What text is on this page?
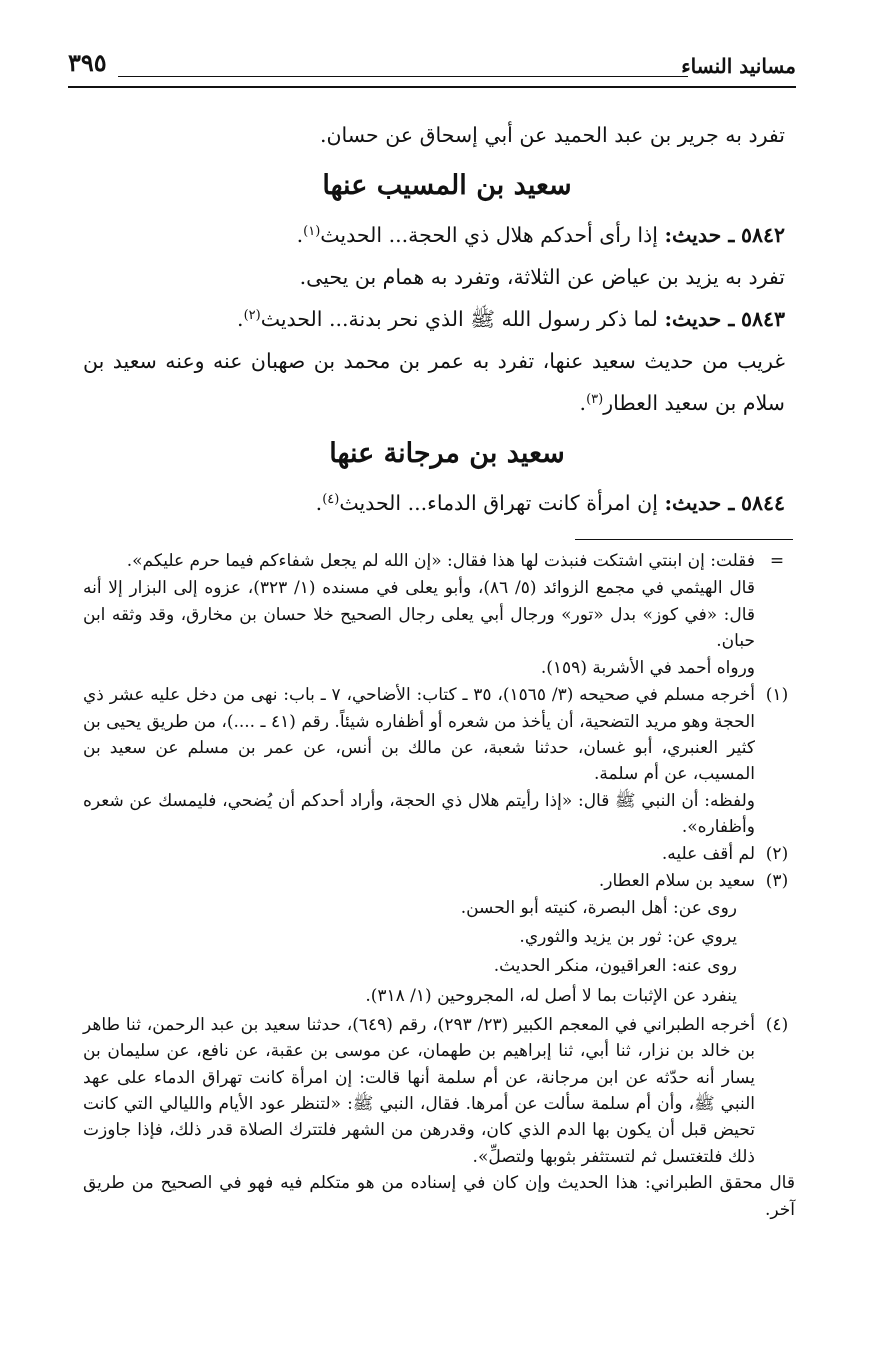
مسانيد النساء
٣٩٥

تفرد به جرير بن عبد الحميد عن أبي إسحاق عن حسان.

سعيد بن المسيب عنها

٥٨٤٢ ـ حديث: إذا رأى أحدكم هلال ذي الحجة... الحديث$^{(١)}$.

تفرد به يزيد بن عياض عن الثلاثة، وتفرد به همام بن يحيى.

٥٨٤٣ ـ حديث: لما ذكر رسول الله ﷺ الذي نحر بدنة... الحديث$^{(٢)}$.

غريب من حديث سعيد عنها، تفرد به عمر بن محمد بن صهبان عنه وعنه سعيد بن سلام بن سعيد العطار$^{(٣)}$.

سعيد بن مرجانة عنها

٥٨٤٤ ـ حديث: إن امرأة كانت تهراق الدماء... الحديث$^{(٤)}$.

=

فقلت: إن ابنتي اشتكت فنبذت لها هذا فقال: «إن الله لم يجعل شفاءكم فيما حرم عليكم».

قال الهيثمي في مجمع الزوائد (٥/ ٨٦)، وأبو يعلى في مسنده (١/ ٣٢٣)، عزوه إلى البزار إلا أنه قال: «في كوز» بدل «تور» ورجال أبي يعلى رجال الصحيح خلا حسان بن مخارق، وقد وثقه ابن حبان.

ورواه أحمد في الأشربة (١٥٩).

(١)

أخرجه مسلم في صحيحه (٣/ ١٥٦٥)، ٣٥ ـ كتاب: الأضاحي، ٧ ـ باب: نهى من دخل عليه عشر ذي الحجة وهو مريد التضحية، أن يأخذ من شعره أو أظفاره شيئاً. رقم (٤١ ـ ....)، من طريق يحيى بن كثير العنبري، أبو غسان، حدثنا شعبة، عن مالك بن أنس، عن عمر بن مسلم عن سعيد بن المسيب، عن أم سلمة.

ولفظه: أن النبي ﷺ قال: «إذا رأيتم هلال ذي الحجة، وأراد أحدكم أن يُضحي، فليمسك عن شعره وأظفاره».

(٢)

لم أقف عليه.

(٣)

سعيد بن سلام العطار.

روى عن: أهل البصرة، كنيته أبو الحسن.

يروي عن: ثور بن يزيد والثوري.

روى عنه: العراقيون، منكر الحديث.

ينفرد عن الإثبات بما لا أصل له، المجروحين (١/ ٣١٨).

(٤)

أخرجه الطبراني في المعجم الكبير (٢٣/ ٢٩٣)، رقم (٦٤٩)، حدثنا سعيد بن عبد الرحمن، ثنا طاهر بن خالد بن نزار، ثنا أبي، ثنا إبراهيم بن طهمان، عن موسى بن عقبة، عن نافع، عن سليمان بن يسار أنه حدّثه عن ابن مرجانة، عن أم سلمة أنها قالت: إن امرأة كانت تهراق الدماء على عهد النبي ﷺ، وأن أم سلمة سألت عن أمرها. فقال، النبي ﷺ: «لتنظر عود الأيام والليالي التي كانت تحيض قبل أن يكون بها الدم الذي كان، وقدرهن من الشهر فلتترك الصلاة قدر ذلك، فإذا جاوزت ذلك فلتغتسل ثم لتستثفر بثوبها ولتصلِّ».

قال محقق الطبراني: هذا الحديث وإن كان في إسناده من هو متكلم فيه فهو في الصحيح من طريق آخر.
